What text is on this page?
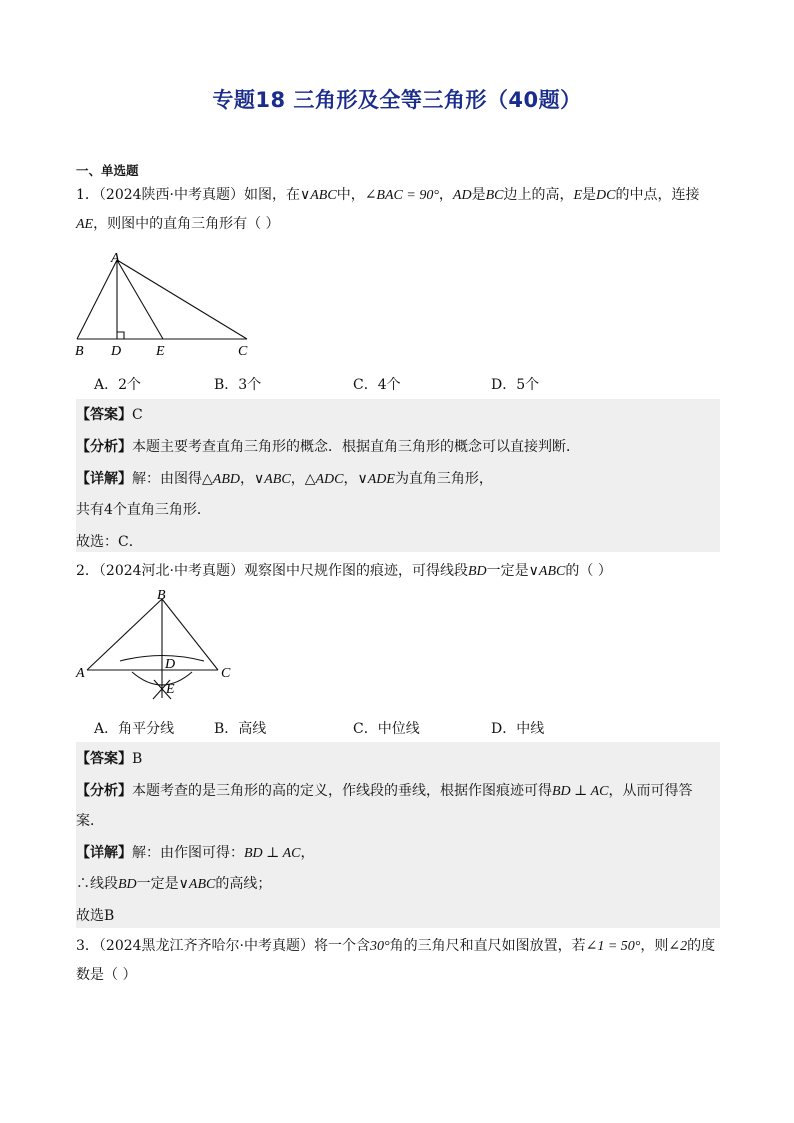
专题18 三角形及全等三角形（40题）
一、单选题
1．（2024陕西·中考真题）如图，在∨ABC中，∠BAC = 90°，AD是BC边上的高，E是DC的中点，连接
AE，则图中的直角三角形有（ ）
A
B D E	C
A．2个	B．3个	C．4个	D．5个
【答案】C
【分析】本题主要考查直角三角形的概念．根据直角三角形的概念可以直接判断．
【详解】解：由图得△ABD，∨ABC，△ADC，∨ADE为直角三角形，
共有4个直角三角形．
故选：C．
2．（2024河北·中考真题）观察图中尺规作图的痕迹，可得线段BD一定是∨ABC的（ ）
B
A	C
D
E
A．角平分线	B．高线	C．中位线	D．中线
【答案】B
【分析】本题考查的是三角形的高的定义，作线段的垂线，根据作图痕迹可得BD ⊥ AC，从而可得答
案．
【详解】解：由作图可得：BD ⊥ AC，
∴线段BD一定是∨ABC的高线；
故选B
3．（2024黑龙江齐齐哈尔·中考真题）将一个含30°角的三角尺和直尺如图放置，若∠1 = 50°，则∠2的度
数是（ ）
